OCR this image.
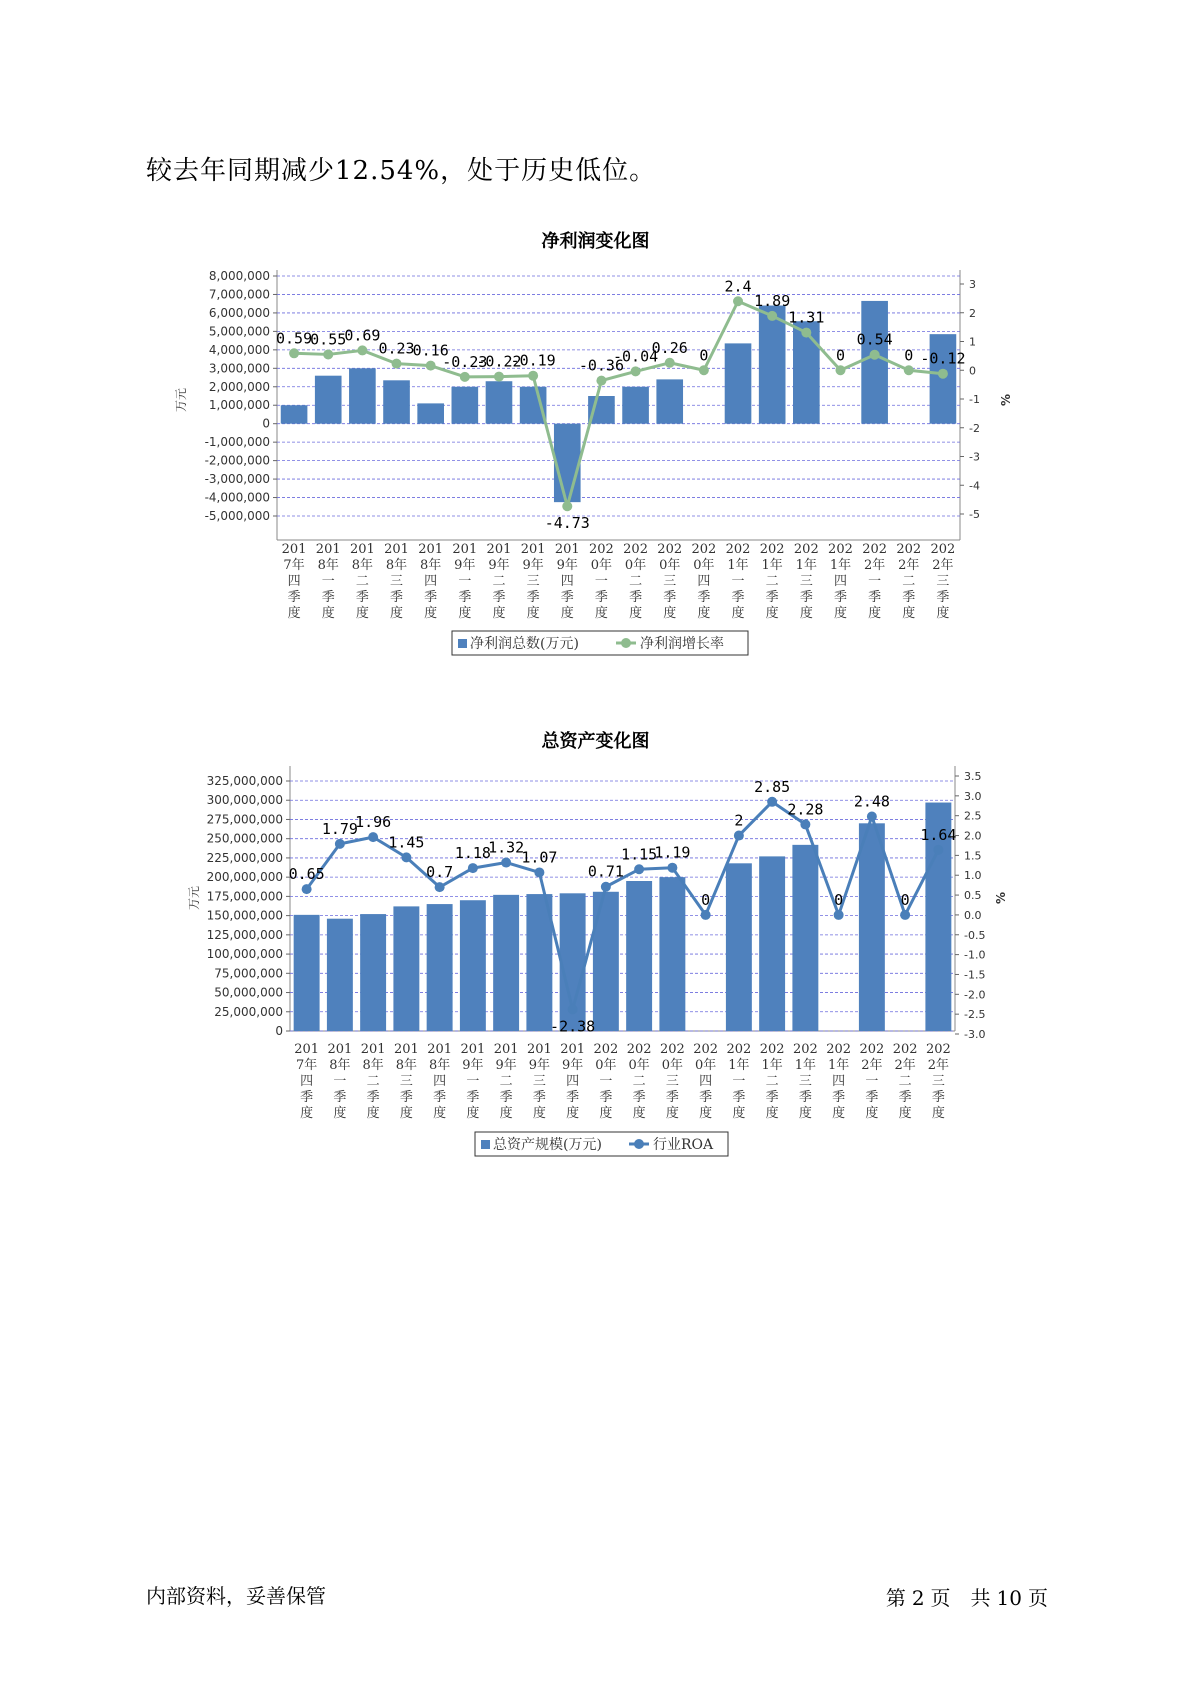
较去年同期减少12.54%，处于历史低位。
净利润变化图
8,000,000
7,000,000
6,000,000
5,000,000
4,000,000
3,000,000
2,000,000
1,000,000
0
-1,000,000
-2,000,000
-3,000,000
-4,000,000
-5,000,000
3
2
1
0
-1
-2
-3
-4
-5
万元	%
0.59
0.55
0.69
0.23
0.16
-0.23
-0.22
-0.19
-4.73
-0.36
-0.04
0.26 0
2.4
1.89
1.31
0
0.54
0 -0.12
201
7年
四
季
度
201
8年
一
季
度
201
8年
二
季
度
201
8年
三
季
度
201
8年
四
季
度
201
9年
一
季
度
201
9年
二
季
度
201
9年
三
季
度
201
9年
四
季
度
202
0年
一
季
度
202
0年
二
季
度
202
0年
三
季
度
202
0年
四
季
度
202
1年
一
季
度
202
1年
二
季
度
202
1年
三
季
度
202
1年
四
季
度
202
2年
一
季
度
202
2年
二
季
度
202
2年
三
季
度
净利润总数(万元)	净利润增长率
总资产变化图
325,000,000
300,000,000
275,000,000
250,000,000
225,000,000
200,000,000
175,000,000
150,000,000
125,000,000
100,000,000
75,000,000
50,000,000
25,000,000
0
3.5
3.0
2.5
2.0
1.5
1.0
0.5
0.0
-0.5
-1.0
-1.5
-2.0
-2.5
-3.0
万元	%
0.65
1.79
1.96
1.45
0.7
1.18
1.32
1.07
-2.38
0.71
1.15
1.19
0
2
2.85
2.28
0
2.48
0
1.64
201
7年
四
季
度
201
8年
一
季
度
201
8年
二
季
度
201
8年
三
季
度
201
8年
四
季
度
201
9年
一
季
度
201
9年
二
季
度
201
9年
三
季
度
201
9年
四
季
度
202
0年
一
季
度
202
0年
二
季
度
202
0年
三
季
度
202
0年
四
季
度
202
1年
一
季
度
202
1年
二
季
度
202
1年
三
季
度
202
1年
四
季
度
202
2年
一
季
度
202
2年
二
季
度
202
2年
三
季
度
总资产规模(万元)	行业ROA
内部资料，妥善保管	第 2 页　共 10 页
